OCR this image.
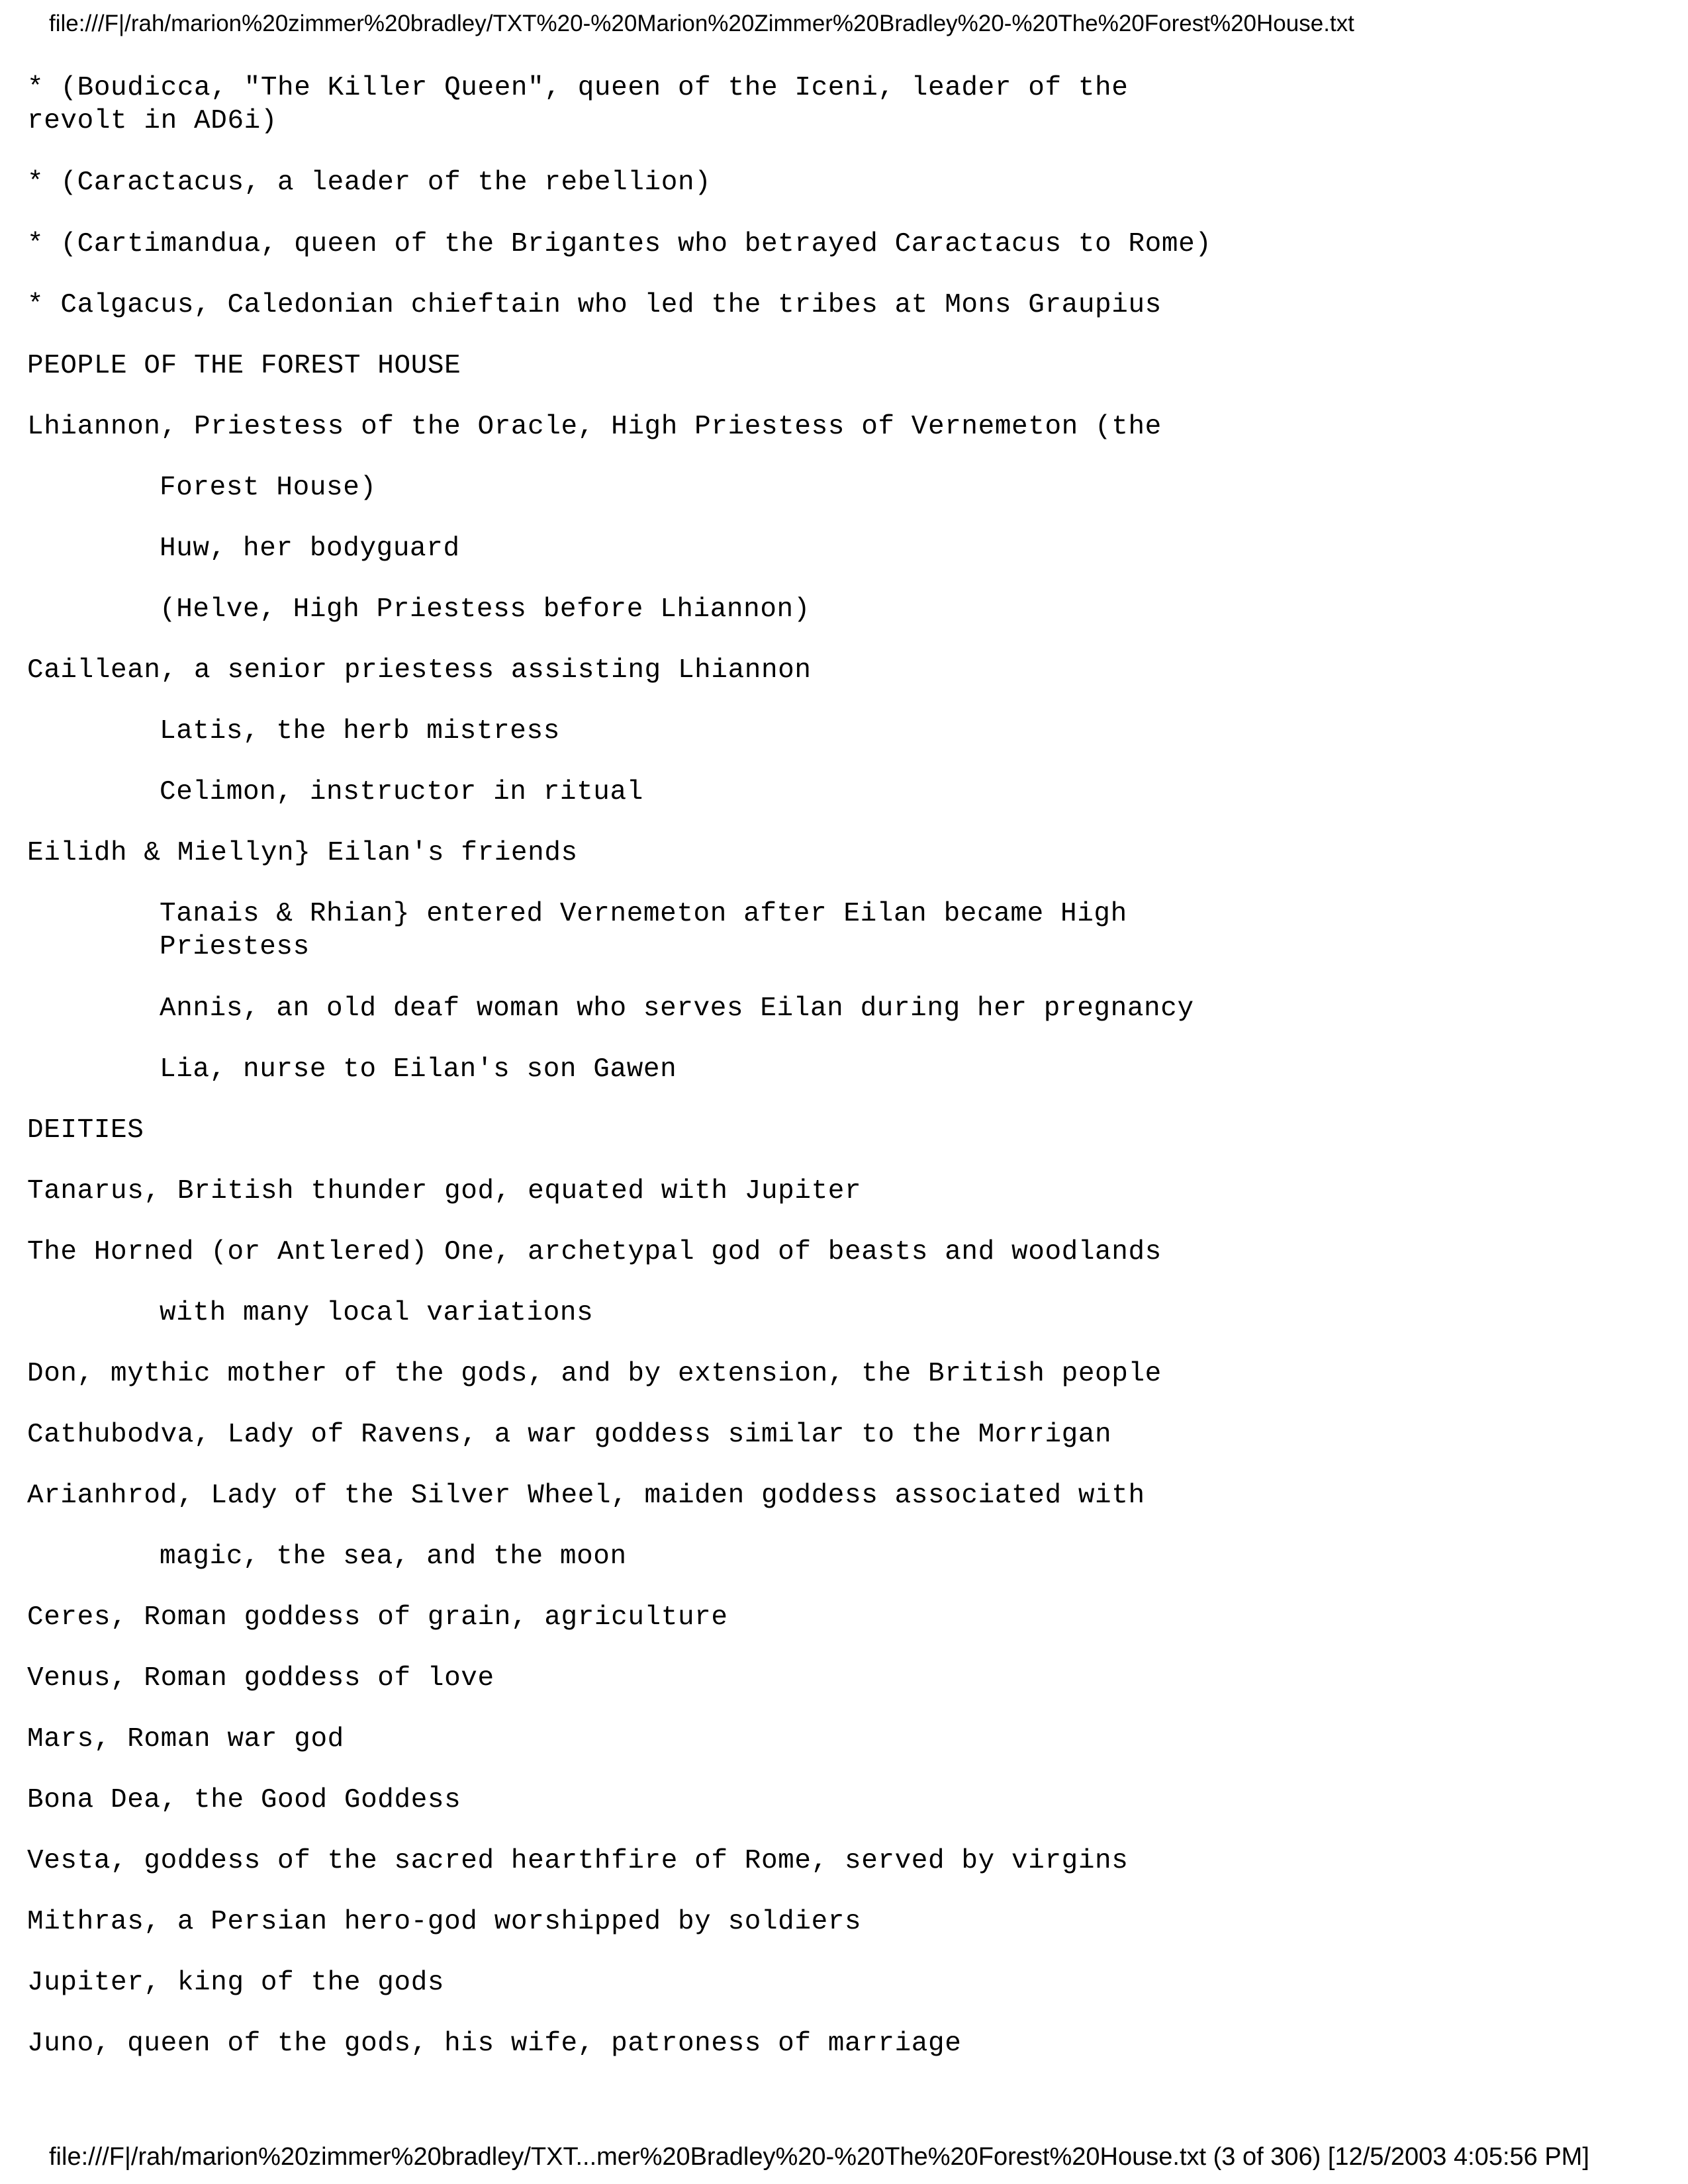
file:///F|/rah/marion%20zimmer%20bradley/TXT%20-%20Marion%20Zimmer%20Bradley%20-%20The%20Forest%20House.txt
* (Boudicca, "The Killer Queen", queen of the Iceni, leader of the
revolt in AD6i)
* (Caractacus, a leader of the rebellion)
* (Cartimandua, queen of the Brigantes who betrayed Caractacus to Rome)
* Calgacus, Caledonian chieftain who led the tribes at Mons Graupius
PEOPLE OF THE FOREST HOUSE
Lhiannon, Priestess of the Oracle, High Priestess of Vernemeton (the
Forest House)
Huw, her bodyguard
(Helve, High Priestess before Lhiannon)
Caillean, a senior priestess assisting Lhiannon
Latis, the herb mistress
Celimon, instructor in ritual
Eilidh & Miellyn} Eilan's friends
Tanais & Rhian} entered Vernemeton after Eilan became High
Priestess
Annis, an old deaf woman who serves Eilan during her pregnancy
Lia, nurse to Eilan's son Gawen
DEITIES
Tanarus, British thunder god, equated with Jupiter
The Horned (or Antlered) One, archetypal god of beasts and woodlands
with many local variations
Don, mythic mother of the gods, and by extension, the British people
Cathubodva, Lady of Ravens, a war goddess similar to the Morrigan
Arianhrod, Lady of the Silver Wheel, maiden goddess associated with
magic, the sea, and the moon
Ceres, Roman goddess of grain, agriculture
Venus, Roman goddess of love
Mars, Roman war god
Bona Dea, the Good Goddess
Vesta, goddess of the sacred hearthfire of Rome, served by virgins
Mithras, a Persian hero-god worshipped by soldiers
Jupiter, king of the gods
Juno, queen of the gods, his wife, patroness of marriage
file:///F|/rah/marion%20zimmer%20bradley/TXT...mer%20Bradley%20-%20The%20Forest%20House.txt (3 of 306) [12/5/2003 4:05:56 PM]
